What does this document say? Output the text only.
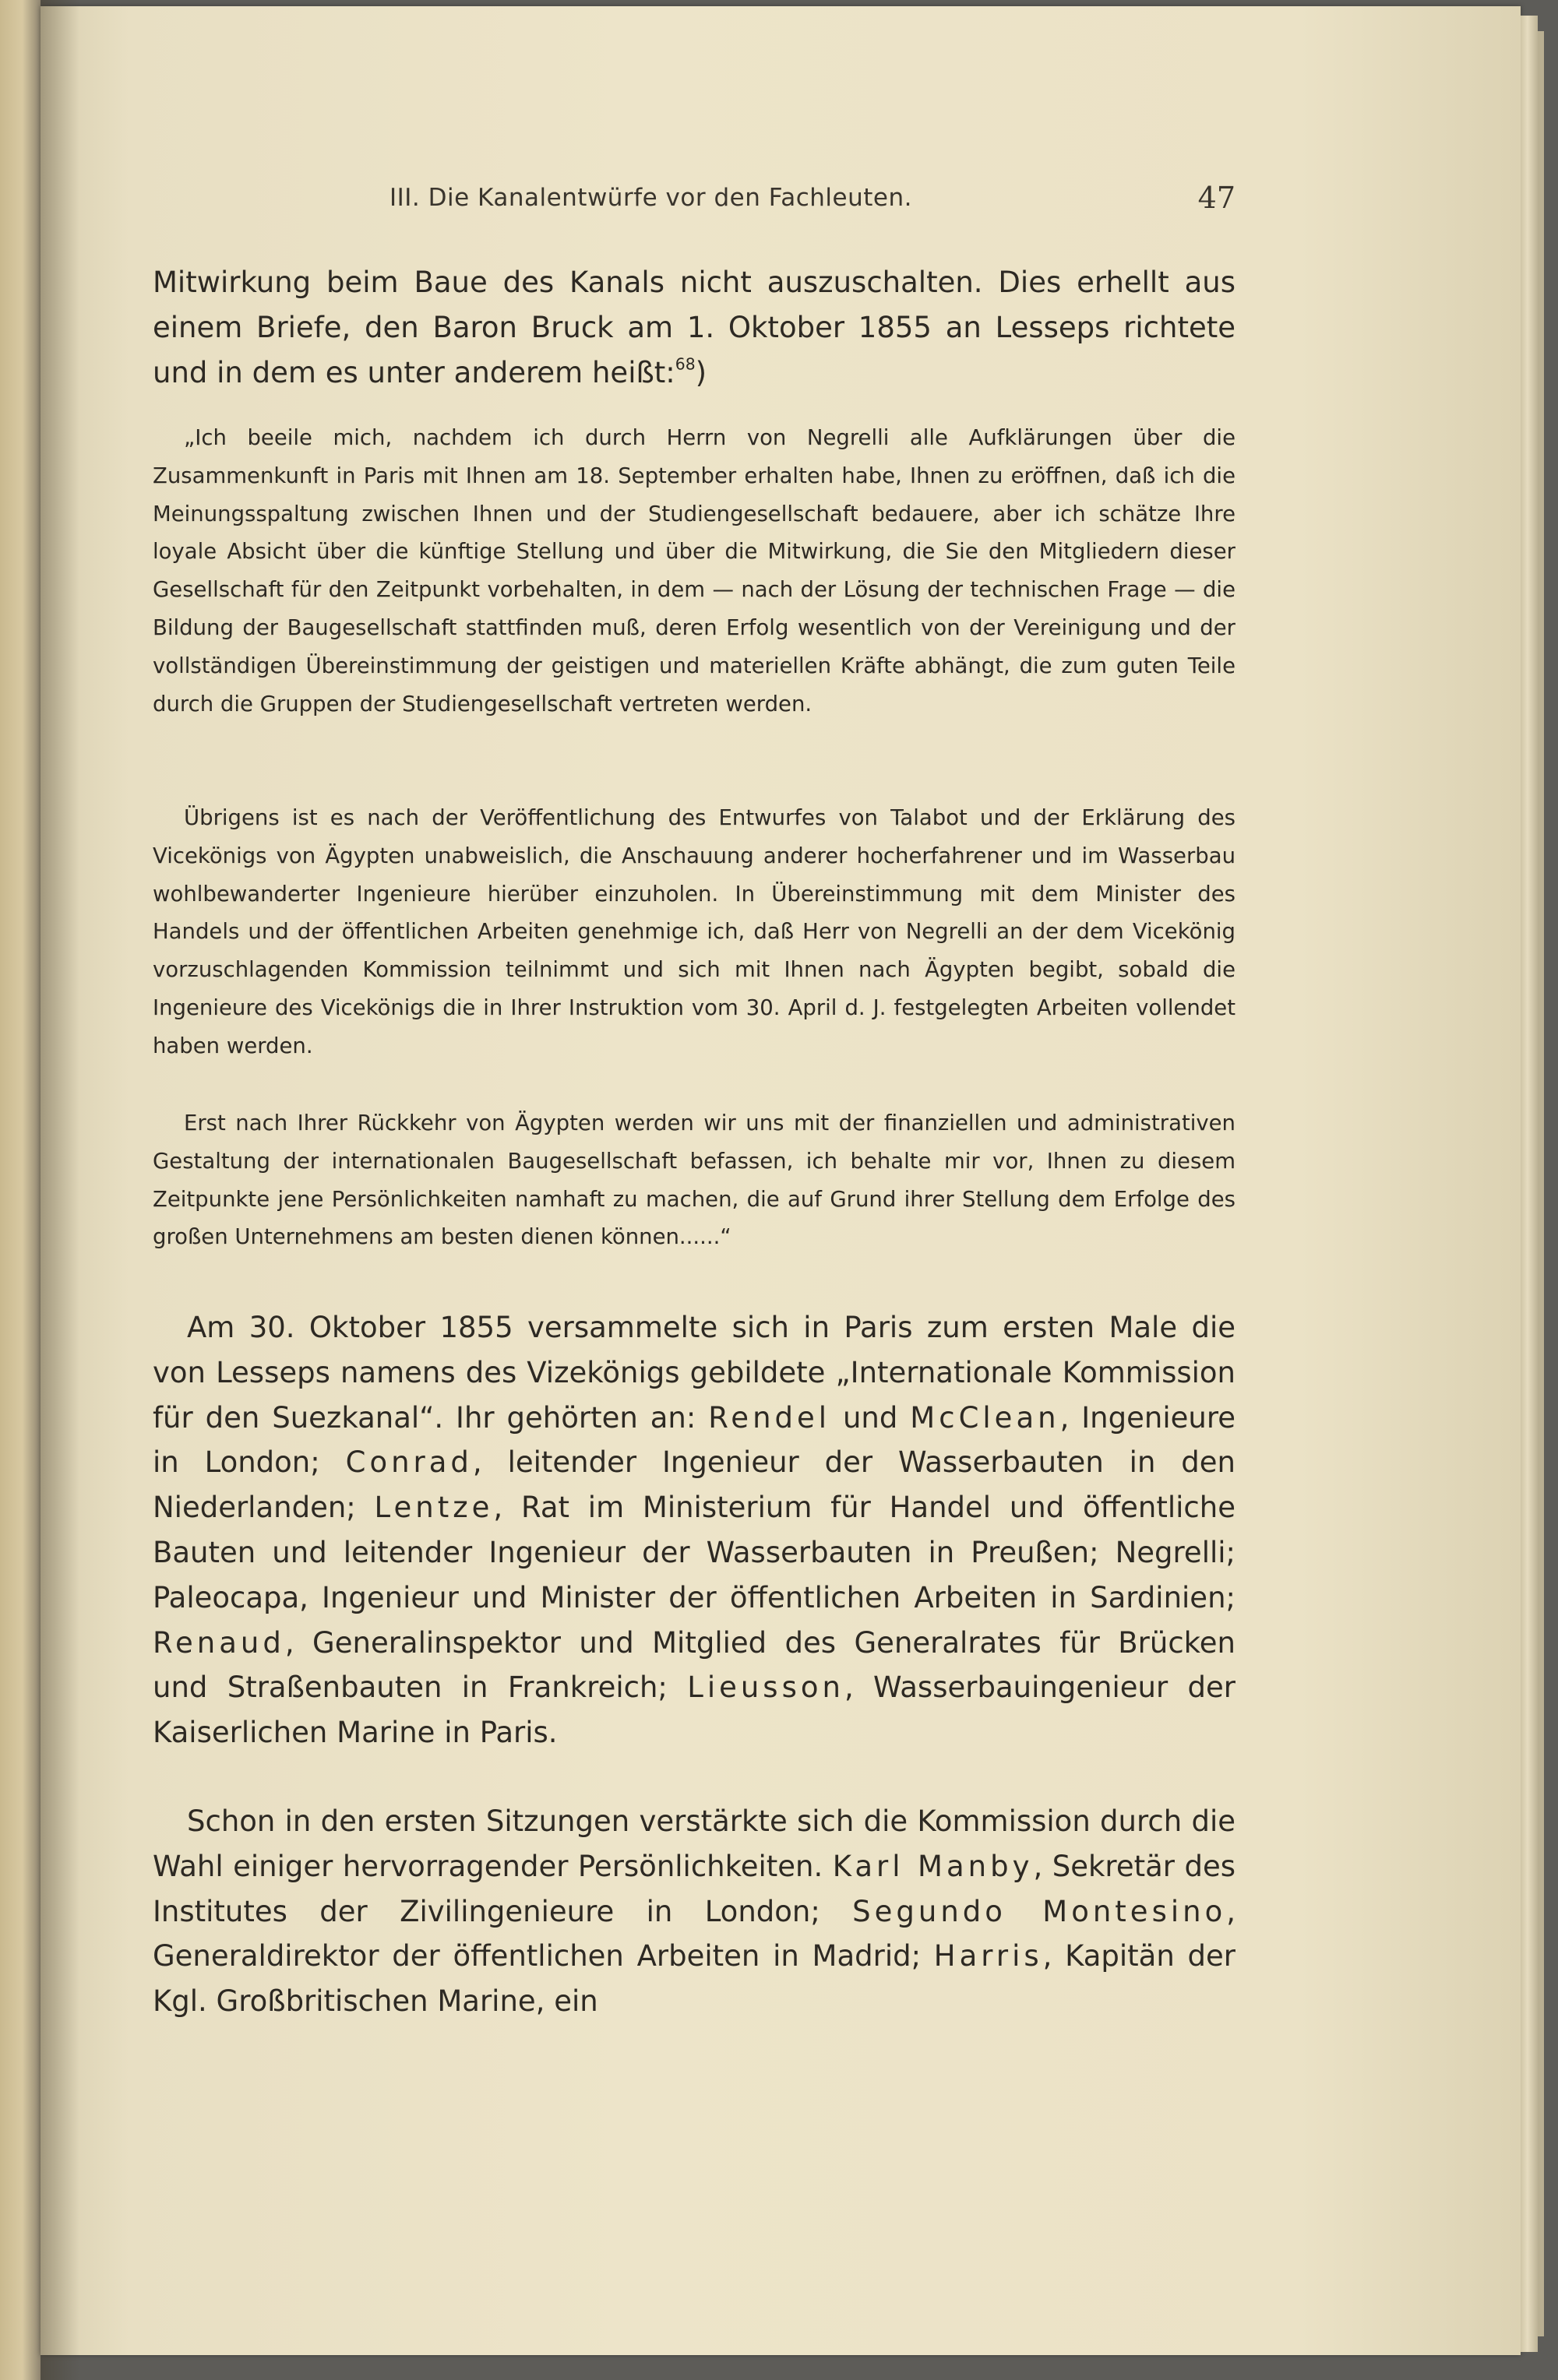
III. Die Kanalentwürfe vor den Fachleuten.	47

Mitwirkung beim Baue des Kanals nicht auszuschalten. Dies erhellt aus einem Briefe, den Baron Bruck am 1. Oktober 1855 an Lesseps richtete und in dem es unter anderem heißt:$^{68}$)

„Ich beeile mich, nachdem ich durch Herrn von Negrelli alle Aufklärungen über die Zusammenkunft in Paris mit Ihnen am 18. September erhalten habe, Ihnen zu eröffnen, daß ich die Meinungsspaltung zwischen Ihnen und der Studiengesellschaft bedauere, aber ich schätze Ihre loyale Absicht über die künftige Stellung und über die Mitwirkung, die Sie den Mitgliedern dieser Gesellschaft für den Zeitpunkt vorbehalten, in dem — nach der Lösung der technischen Frage — die Bildung der Baugesellschaft stattfinden muß, deren Erfolg wesentlich von der Vereinigung und der vollständigen Übereinstimmung der geistigen und materiellen Kräfte abhängt, die zum guten Teile durch die Gruppen der Studiengesellschaft vertreten werden.

Übrigens ist es nach der Veröffentlichung des Entwurfes von Talabot und der Erklärung des Vicekönigs von Ägypten unabweislich, die Anschauung anderer hocherfahrener und im Wasserbau wohlbewanderter Ingenieure hierüber einzuholen. In Übereinstimmung mit dem Minister des Handels und der öffentlichen Arbeiten genehmige ich, daß Herr von Negrelli an der dem Vicekönig vorzuschlagenden Kommission teilnimmt und sich mit Ihnen nach Ägypten begibt, sobald die Ingenieure des Vicekönigs die in Ihrer Instruktion vom 30. April d. J. festgelegten Arbeiten vollendet haben werden.

Erst nach Ihrer Rückkehr von Ägypten werden wir uns mit der finanziellen und administrativen Gestaltung der internationalen Baugesellschaft befassen, ich behalte mir vor, Ihnen zu diesem Zeitpunkte jene Persönlichkeiten namhaft zu machen, die auf Grund ihrer Stellung dem Erfolge des großen Unternehmens am besten dienen können......“

Am 30. Oktober 1855 versammelte sich in Paris zum ersten Male die von Lesseps namens des Vizekönigs gebildete „Internationale Kommission für den Suezkanal“. Ihr gehörten an: Rendel und McClean, Ingenieure in London; Conrad, leitender Ingenieur der Wasserbauten in den Niederlanden; Lentze, Rat im Ministerium für Handel und öffentliche Bauten und leitender Ingenieur der Wasserbauten in Preußen; Negrelli; Paleocapa, Ingenieur und Minister der öffentlichen Arbeiten in Sardinien; Renaud, Generalinspektor und Mitglied des Generalrates für Brücken und Straßenbauten in Frankreich; Lieusson, Wasserbauingenieur der Kaiserlichen Marine in Paris.

Schon in den ersten Sitzungen verstärkte sich die Kommission durch die Wahl einiger hervorragender Persönlichkeiten. Karl Manby, Sekretär des Institutes der Zivilingenieure in London; Segundo Montesino, Generaldirektor der öffentlichen Arbeiten in Madrid; Harris, Kapitän der Kgl. Großbritischen Marine, ein
